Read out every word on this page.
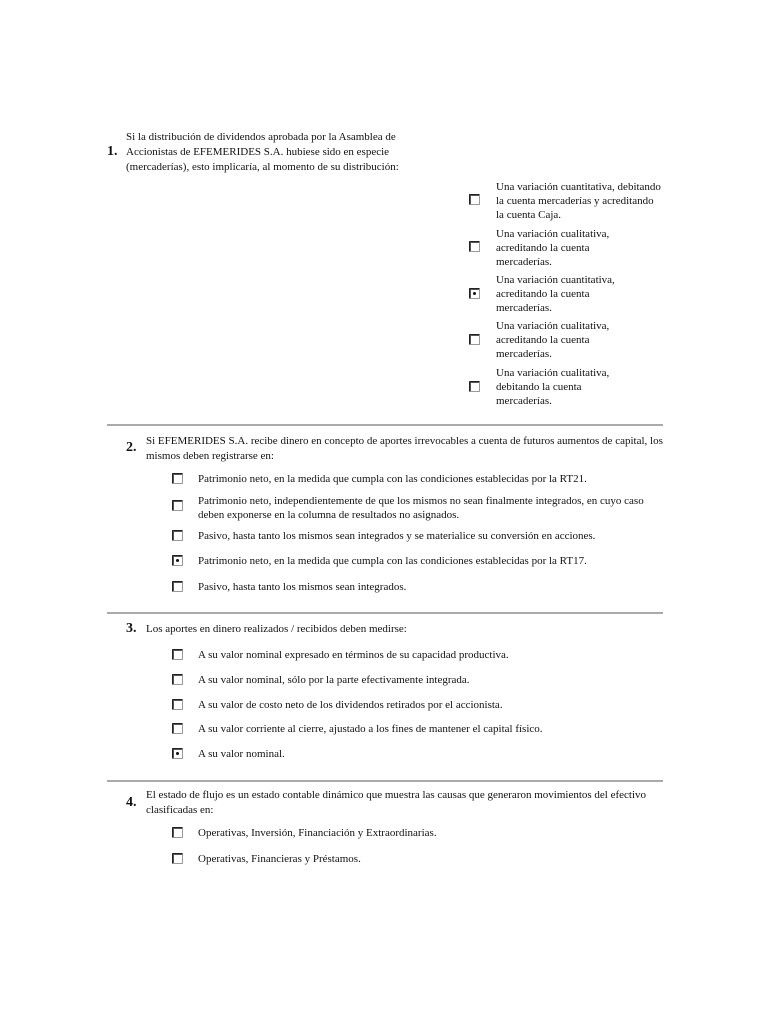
1.
Si la distribución de dividendos aprobada por la Asamblea de Accionistas de EFEMERIDES S.A. hubiese sido en especie (mercaderías), esto implicaría, al momento de su distribución:
Una variación cuantitativa, debitando la cuenta mercaderías y acreditando la cuenta Caja.
Una variación cualitativa, acreditando la cuenta mercaderías.
Una variación cuantitativa, acreditando la cuenta mercaderías.
Una variación cualitativa, acreditando la cuenta mercaderías.
Una variación cualitativa, debitando la cuenta mercaderías.
2. Si EFEMERIDES S.A. recibe dinero en concepto de aportes irrevocables a cuenta de futuros aumentos de capital, los mismos deben registrarse en:
Patrimonio neto, en la medida que cumpla con las condiciones establecidas por la RT21.
Patrimonio neto, independientemente de que los mismos no sean finalmente integrados, en cuyo caso deben exponerse en la columna de resultados no asignados.
Pasivo, hasta tanto los mismos sean integrados y se materialice su conversión en acciones.
Patrimonio neto, en la medida que cumpla con las condiciones establecidas por la RT17.
Pasivo, hasta tanto los mismos sean integrados.
3. Los aportes en dinero realizados / recibidos deben medirse:
A su valor nominal expresado en términos de su capacidad productiva.
A su valor nominal, sólo por la parte efectivamente integrada.
A su valor de costo neto de los dividendos retirados por el accionista.
A su valor corriente al cierre, ajustado a los fines de mantener el capital físico.
A su valor nominal.
4. El estado de flujo es un estado contable dinámico que muestra las causas que generaron movimientos del efectivo clasificadas en:
Operativas, Inversión, Financiación y Extraordinarias.
Operativas, Financieras y Préstamos.
